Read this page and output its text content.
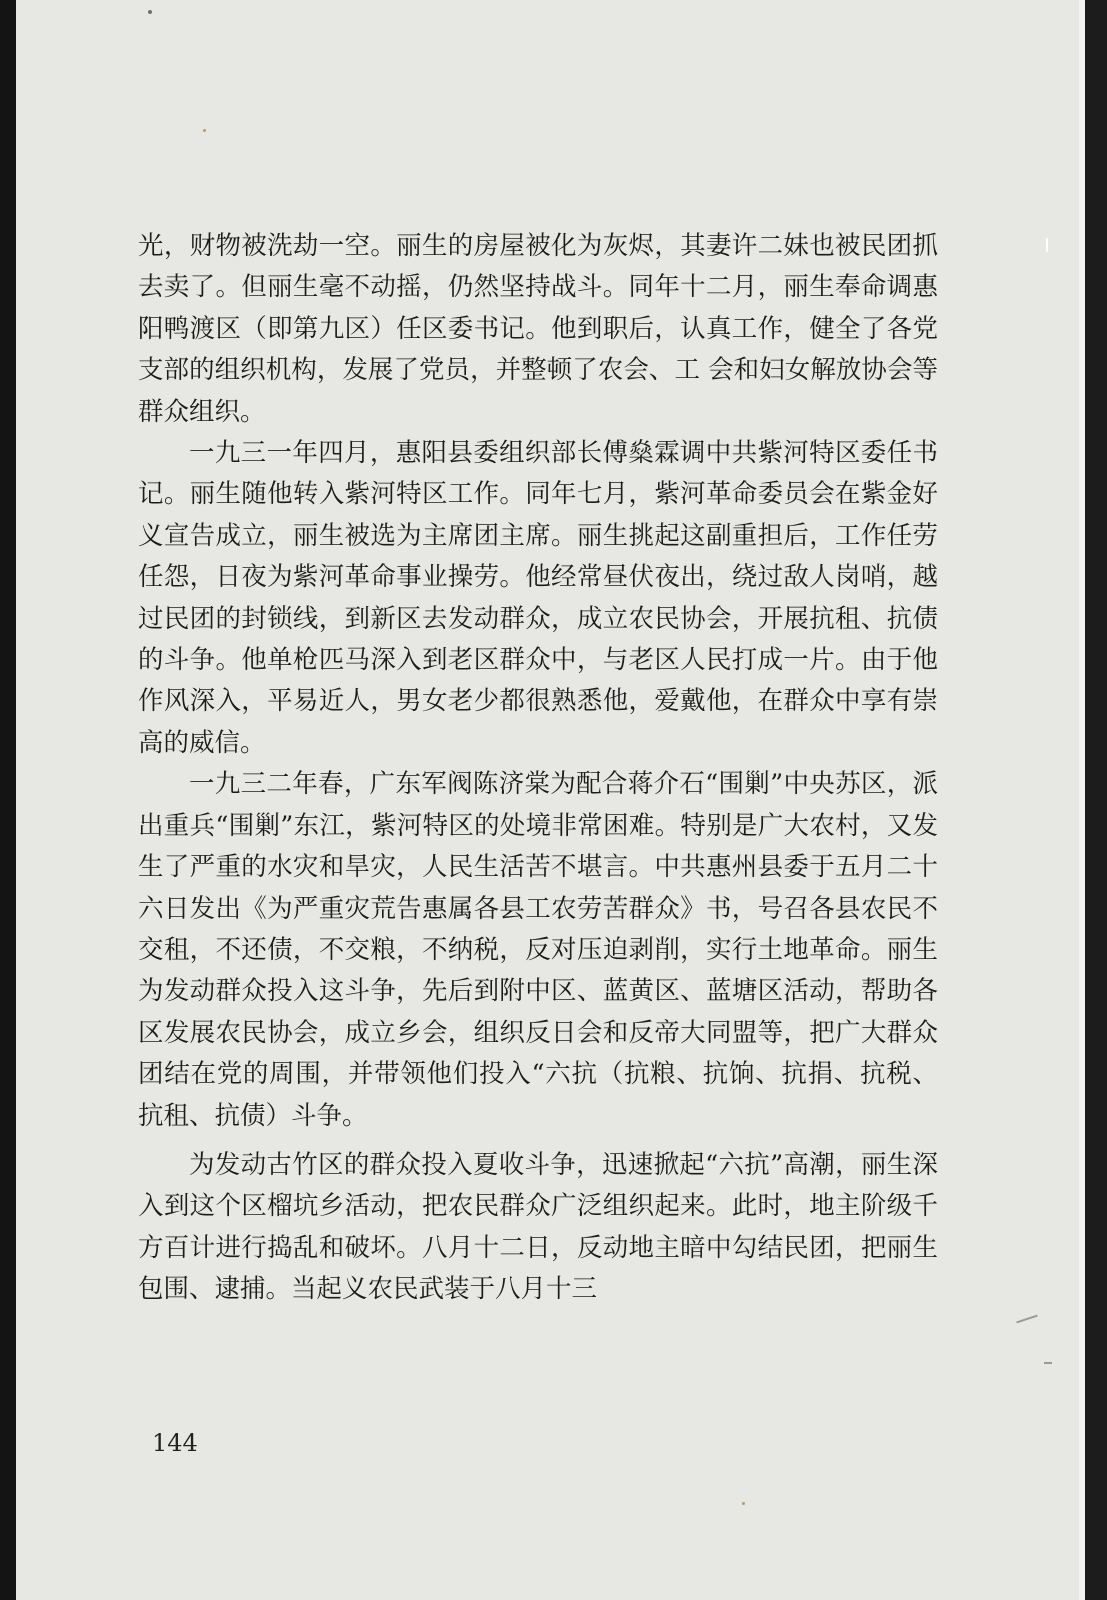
光，财物被洗劫一空。丽生的房屋被化为灰烬，其妻许二妹也被民团抓去卖了。但丽生毫不动摇，仍然坚持战斗。同年十二月，丽生奉命调惠阳鸭渡区（即第九区）任区委书记。他到职后，认真工作，健全了各党支部的组织机构，发展了党员，并整顿了农会、工 会和妇女解放协会等群众组织。

一九三一年四月，惠阳县委组织部长傅燊霖调中共紫河特区委任书记。丽生随他转入紫河特区工作。同年七月，紫河革命委员会在紫金好义宣告成立，丽生被选为主席团主席。丽生挑起这副重担后，工作任劳任怨，日夜为紫河革命事业操劳。他经常昼伏夜出，绕过敌人岗哨，越过民团的封锁线，到新区去发动群众，成立农民协会，开展抗租、抗债的斗争。他单枪匹马深入到老区群众中，与老区人民打成一片。由于他作风深入，平易近人，男女老少都很熟悉他，爱戴他，在群众中享有崇高的威信。

一九三二年春，广东军阀陈济棠为配合蒋介石“围剿”中央苏区，派出重兵“围剿”东江，紫河特区的处境非常困难。特别是广大农村，又发生了严重的水灾和旱灾，人民生活苦不堪言。中共惠州县委于五月二十六日发出《为严重灾荒告惠属各县工农劳苦群众》书，号召各县农民不交租，不还债，不交粮，不纳税，反对压迫剥削，实行土地革命。丽生为发动群众投入这斗争，先后到附中区、蓝黄区、蓝塘区活动，帮助各区发展农民协会，成立乡会，组织反日会和反帝大同盟等，把广大群众团结在党的周围，并带领他们投入“六抗（抗粮、抗饷、抗捐、抗税、抗租、抗债）斗争。

为发动古竹区的群众投入夏收斗争，迅速掀起“六抗”高潮，丽生深入到这个区榴坑乡活动，把农民群众广泛组织起来。此时，地主阶级千方百计进行捣乱和破坏。八月十二日，反动地主暗中勾结民团，把丽生包围、逮捕。当起义农民武装于八月十三

144
